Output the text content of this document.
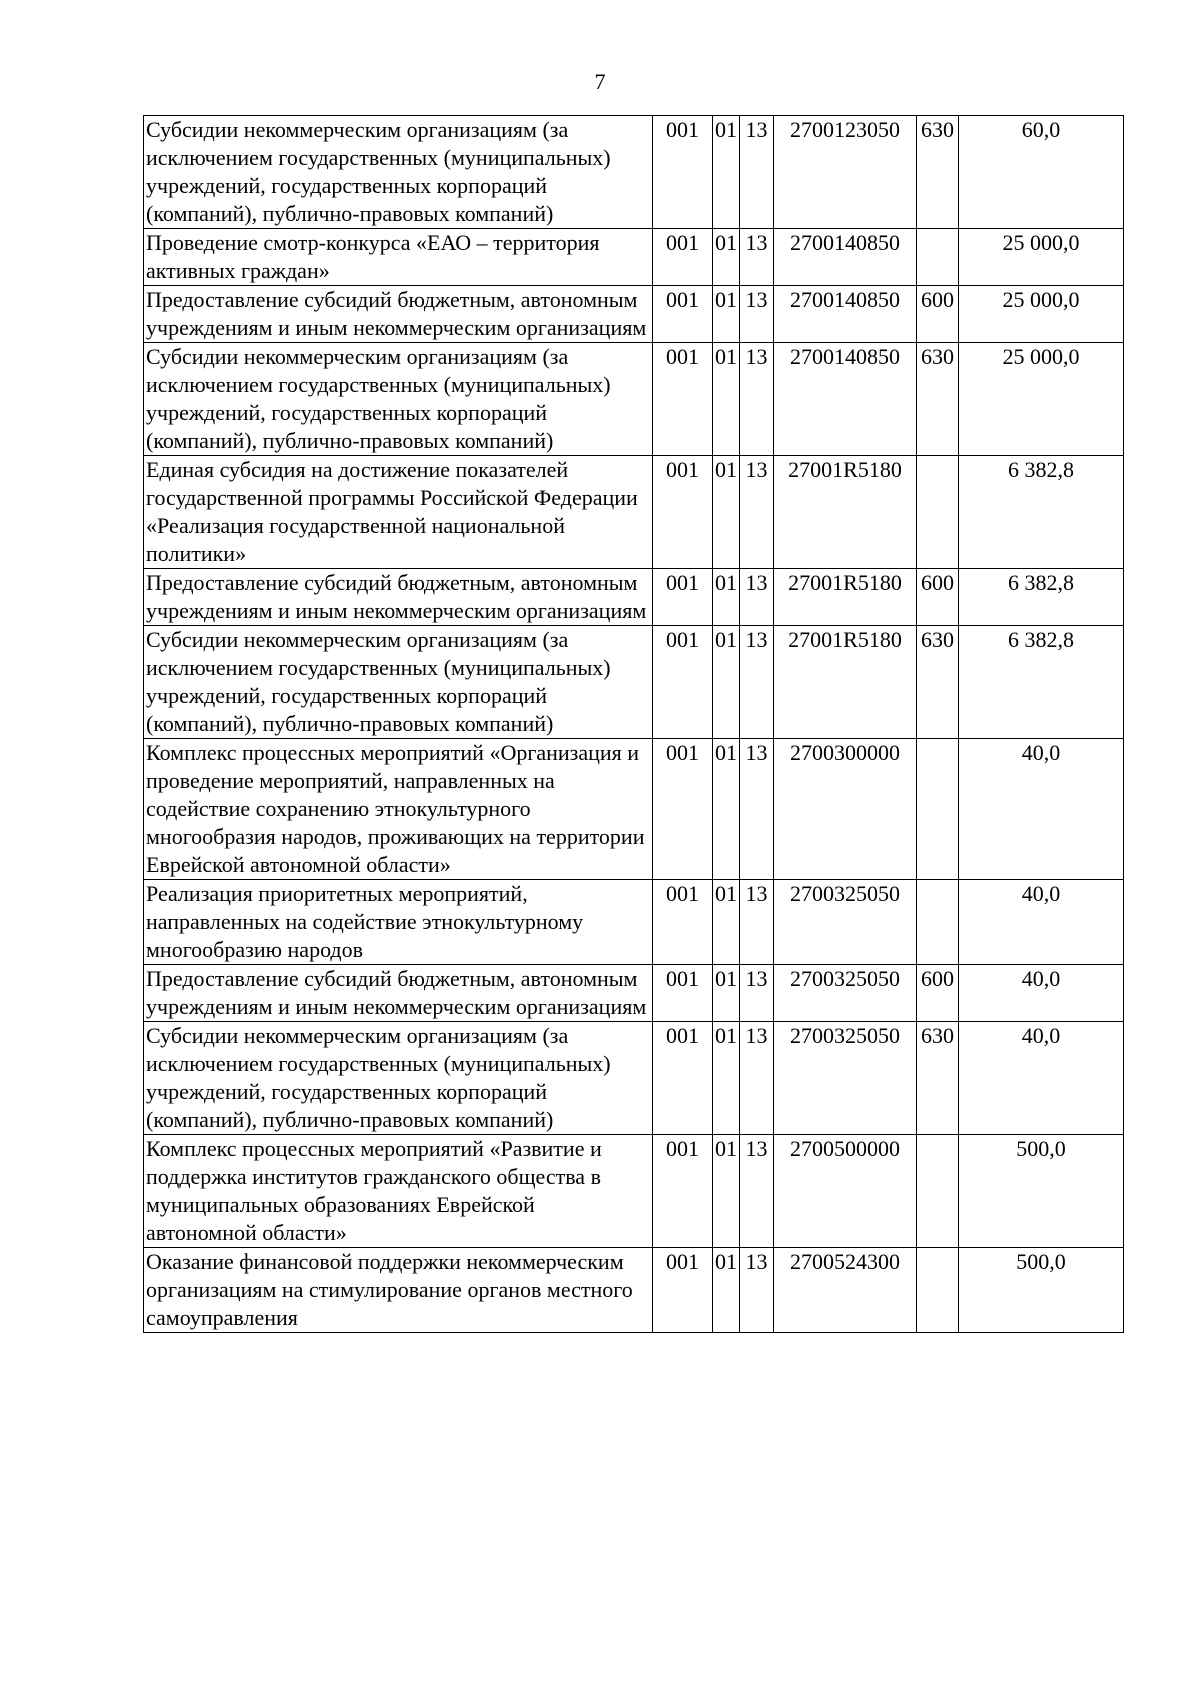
7
Субсидии некоммерческим организациям (за исключением государственных (муниципальных) учреждений, государственных корпораций (компаний), публично-правовых компаний)	001	01	13	2700123050	630	60,0
Проведение смотр-конкурса «ЕАО – территория активных граждан»	001	01	13	2700140850		25 000,0
Предоставление субсидий бюджетным, автономным учреждениям и иным некоммерческим организациям	001	01	13	2700140850	600	25 000,0
Субсидии некоммерческим организациям (за исключением государственных (муниципальных) учреждений, государственных корпораций (компаний), публично-правовых компаний)	001	01	13	2700140850	630	25 000,0
Единая субсидия на достижение показателей государственной программы Российской Федерации «Реализация государственной национальной политики»	001	01	13	27001R5180		6 382,8
Предоставление субсидий бюджетным, автономным учреждениям и иным некоммерческим организациям	001	01	13	27001R5180	600	6 382,8
Субсидии некоммерческим организациям (за исключением государственных (муниципальных) учреждений, государственных корпораций (компаний), публично-правовых компаний)	001	01	13	27001R5180	630	6 382,8
Комплекс процессных мероприятий «Организация и проведение мероприятий, направленных на содействие сохранению этнокультурного многообразия народов, проживающих на территории Еврейской автономной области»	001	01	13	2700300000		40,0
Реализация приоритетных мероприятий, направленных на содействие этнокультурному многообразию народов	001	01	13	2700325050		40,0
Предоставление субсидий бюджетным, автономным учреждениям и иным некоммерческим организациям	001	01	13	2700325050	600	40,0
Субсидии некоммерческим организациям (за исключением государственных (муниципальных) учреждений, государственных корпораций (компаний), публично-правовых компаний)	001	01	13	2700325050	630	40,0
Комплекс процессных мероприятий «Развитие и поддержка институтов гражданского общества в муниципальных образованиях Еврейской автономной области»	001	01	13	2700500000		500,0
Оказание финансовой поддержки некоммерческим организациям на стимулирование органов местного самоуправления	001	01	13	2700524300		500,0
